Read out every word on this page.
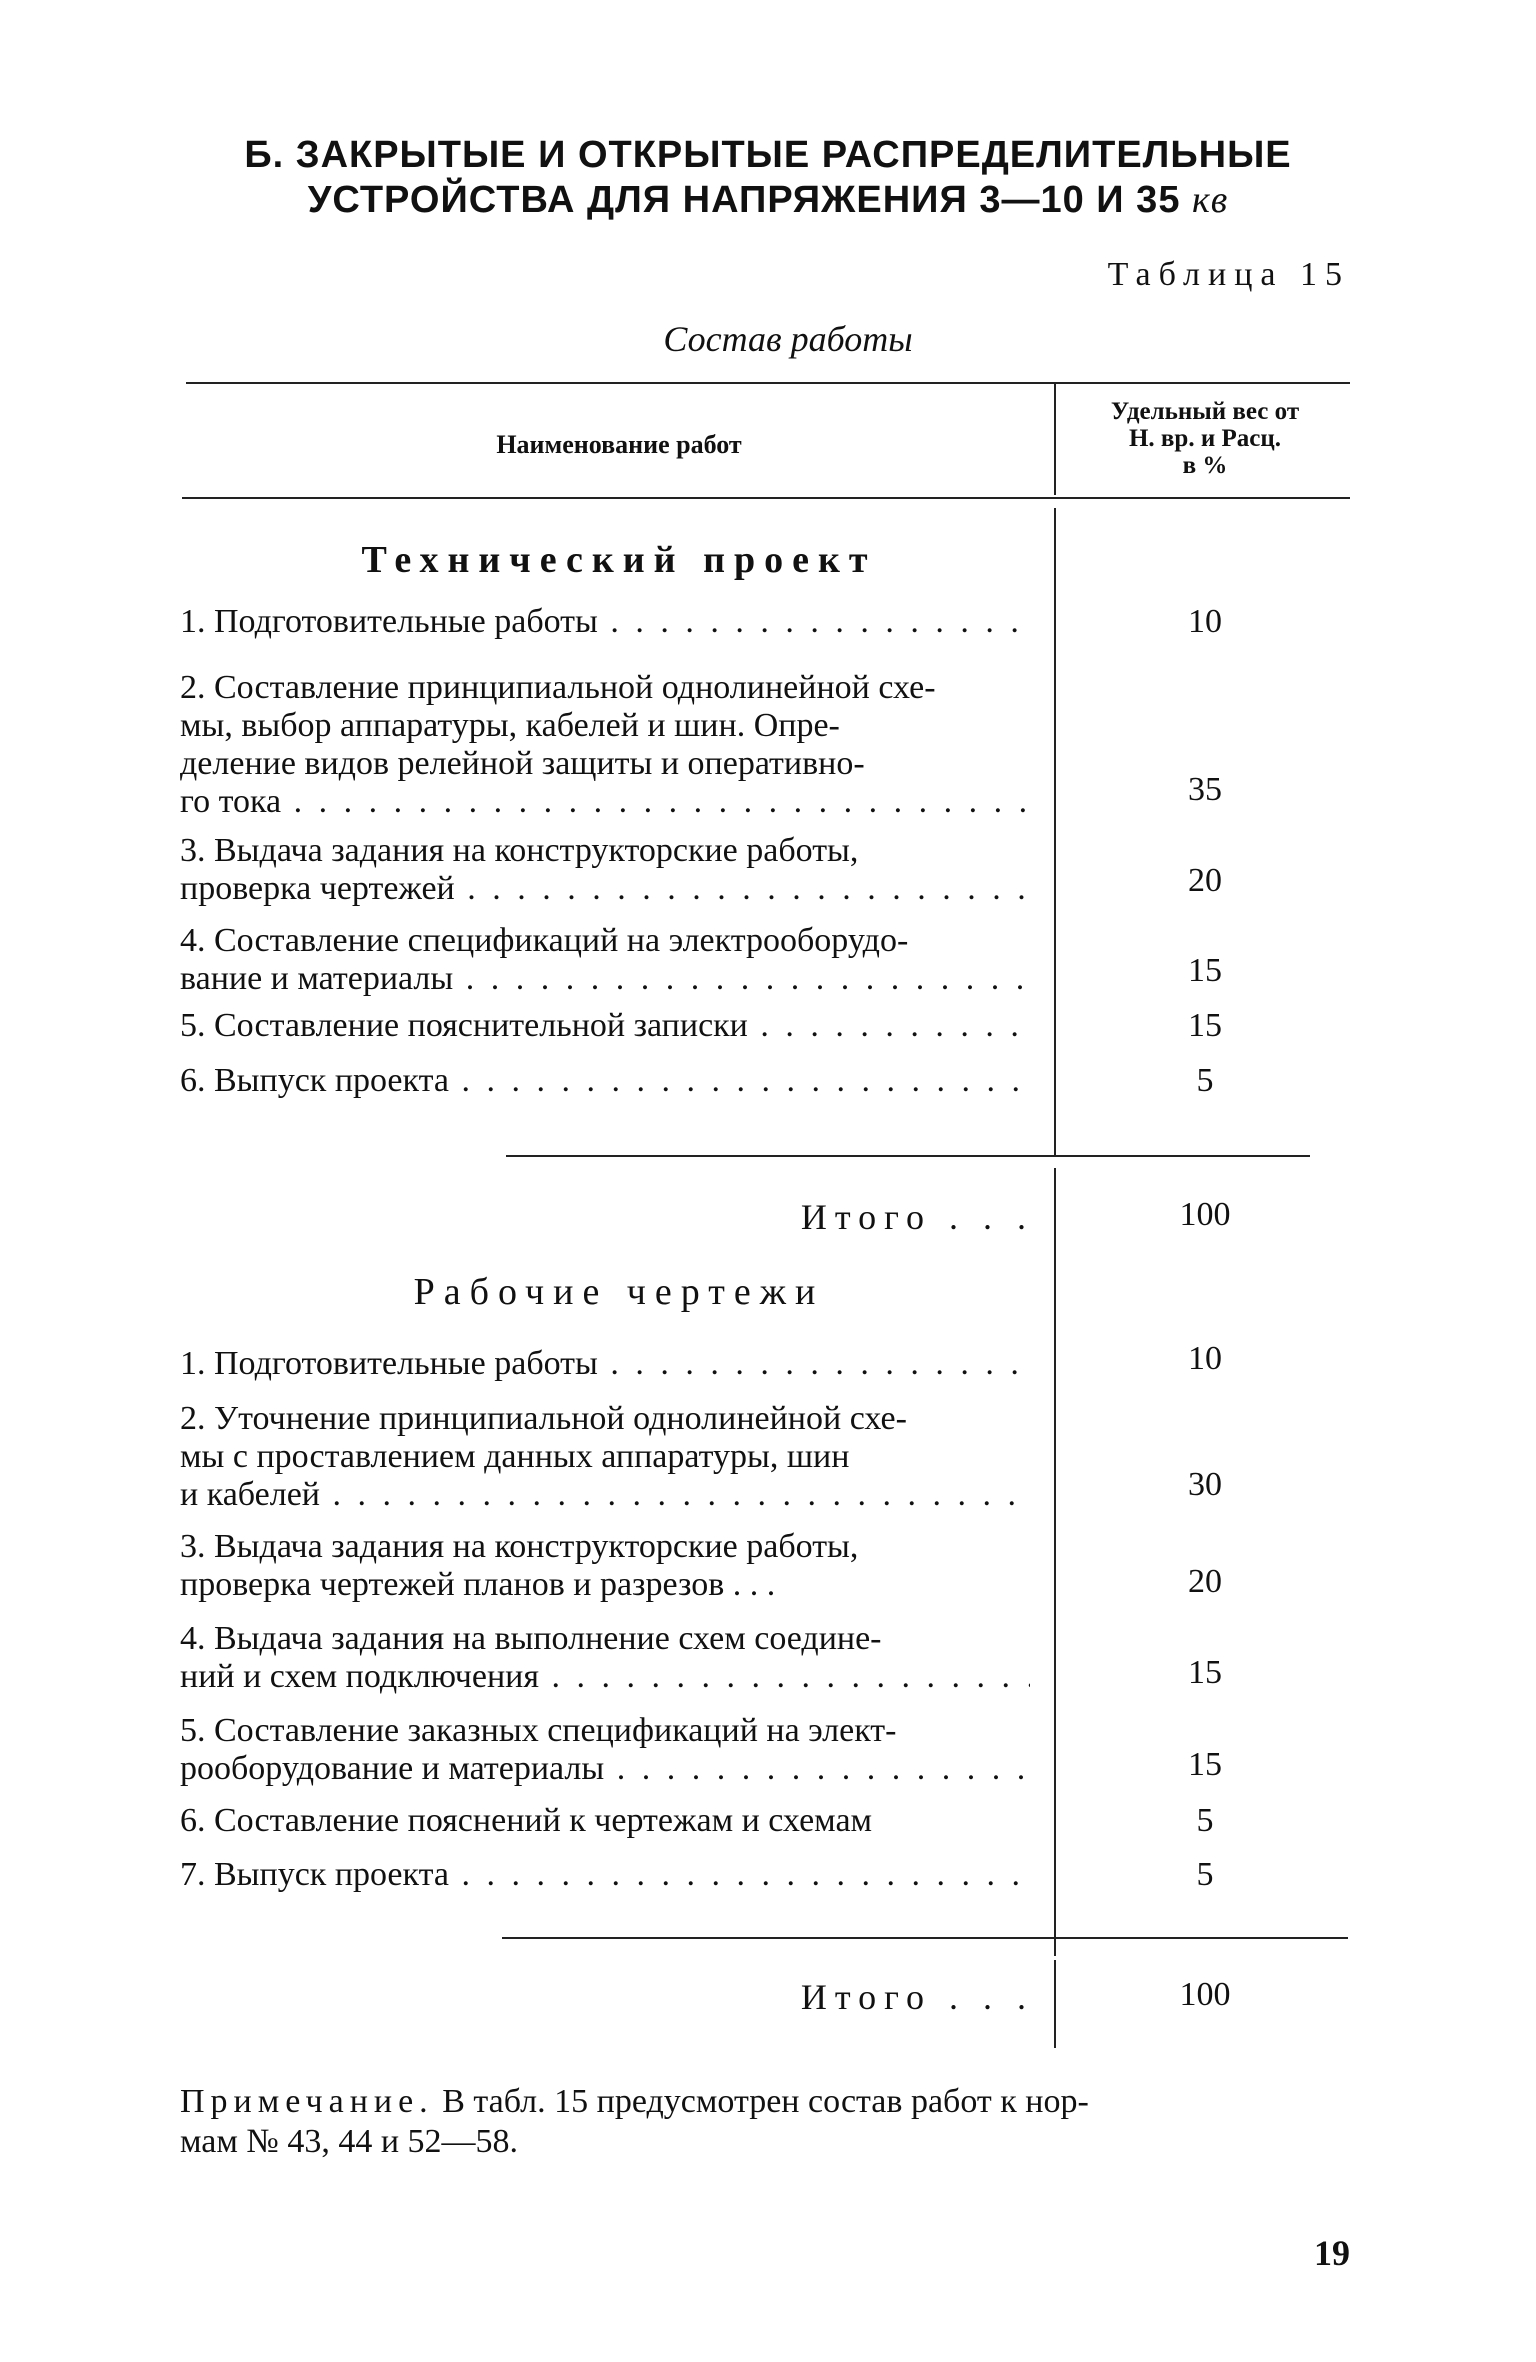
Б. ЗАКРЫТЫЕ И ОТКРЫТЫЕ РАСПРЕДЕЛИТЕЛЬНЫЕ
УСТРОЙСТВА ДЛЯ НАПРЯЖЕНИЯ 3—10 И 35 кв
Таблица 15
Состав работы
Наименование работ
Удельный вес от
Н. вр. и Расц.
в %
Технический проект
1. Подготовительные работы . . .	10
2. Составление принципиальной однолинейной схе-
мы, выбор аппаратуры, кабелей и шин. Опре-
деление видов релейной защиты и оперативно-
го тока . . .	35
3. Выдача задания на конструкторские работы,
проверка чертежей . . .	20
4. Составление спецификаций на электрооборудо-
вание и материалы . . .	15
5. Составление пояснительной записки . . .	15
6. Выпуск проекта . . .	5
Итого . . .	100
Рабочие чертежи
1. Подготовительные работы . . .	10
2. Уточнение принципиальной однолинейной схе-
мы с проставлением данных аппаратуры, шин
и кабелей . . .	30
3. Выдача задания на конструкторские работы,
проверка чертежей планов и разрезов . . .	20
4. Выдача задания на выполнение схем соедине-
ний и схем подключения . . .	15
5. Составление заказных спецификаций на элект-
рооборудование и материалы . . .	15
6. Составление пояснений к чертежам и схемам	5
7. Выпуск проекта . . .	5
Итого . . .	100
Примечание. В табл. 15 предусмотрен состав работ к нор-
мам № 43, 44 и 52—58.
19
